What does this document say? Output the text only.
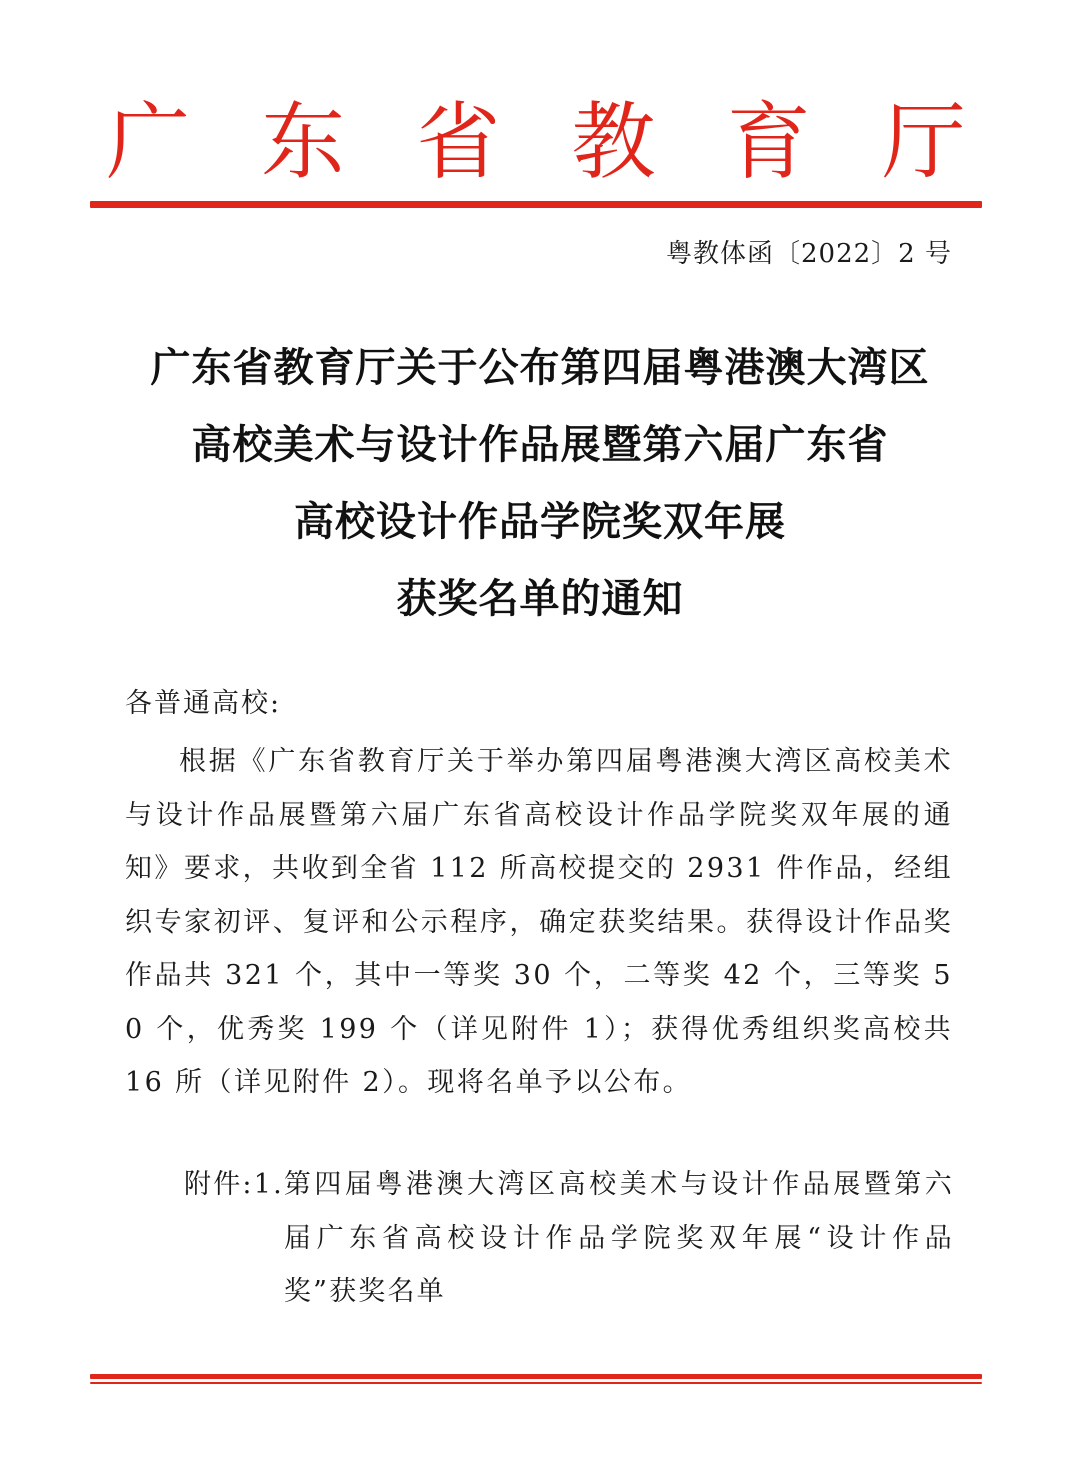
广 东 省 教 育 厅
粤教体函〔2022〕2 号
广东省教育厅关于公布第四届粤港澳大湾区
高校美术与设计作品展暨第六届广东省
高校设计作品学院奖双年展
获奖名单的通知
各普通高校:

根据《广东省教育厅关于举办第四届粤港澳大湾区高校美术与设计作品展暨第六届广东省高校设计作品学院奖双年展的通知》要求，共收到全省 112 所高校提交的 2931 件作品，经组织专家初评、复评和公示程序，确定获奖结果。获得设计作品奖作品共 321 个，其中一等奖 30 个，二等奖 42 个，三等奖 50 个，优秀奖 199 个（详见附件 1）；获得优秀组织奖高校共 16 所（详见附件 2）。现将名单予以公布。

附件: 1. 第四届粤港澳大湾区高校美术与设计作品展暨第六届广东省高校设计作品学院奖双年展“设计作品奖”获奖名单
